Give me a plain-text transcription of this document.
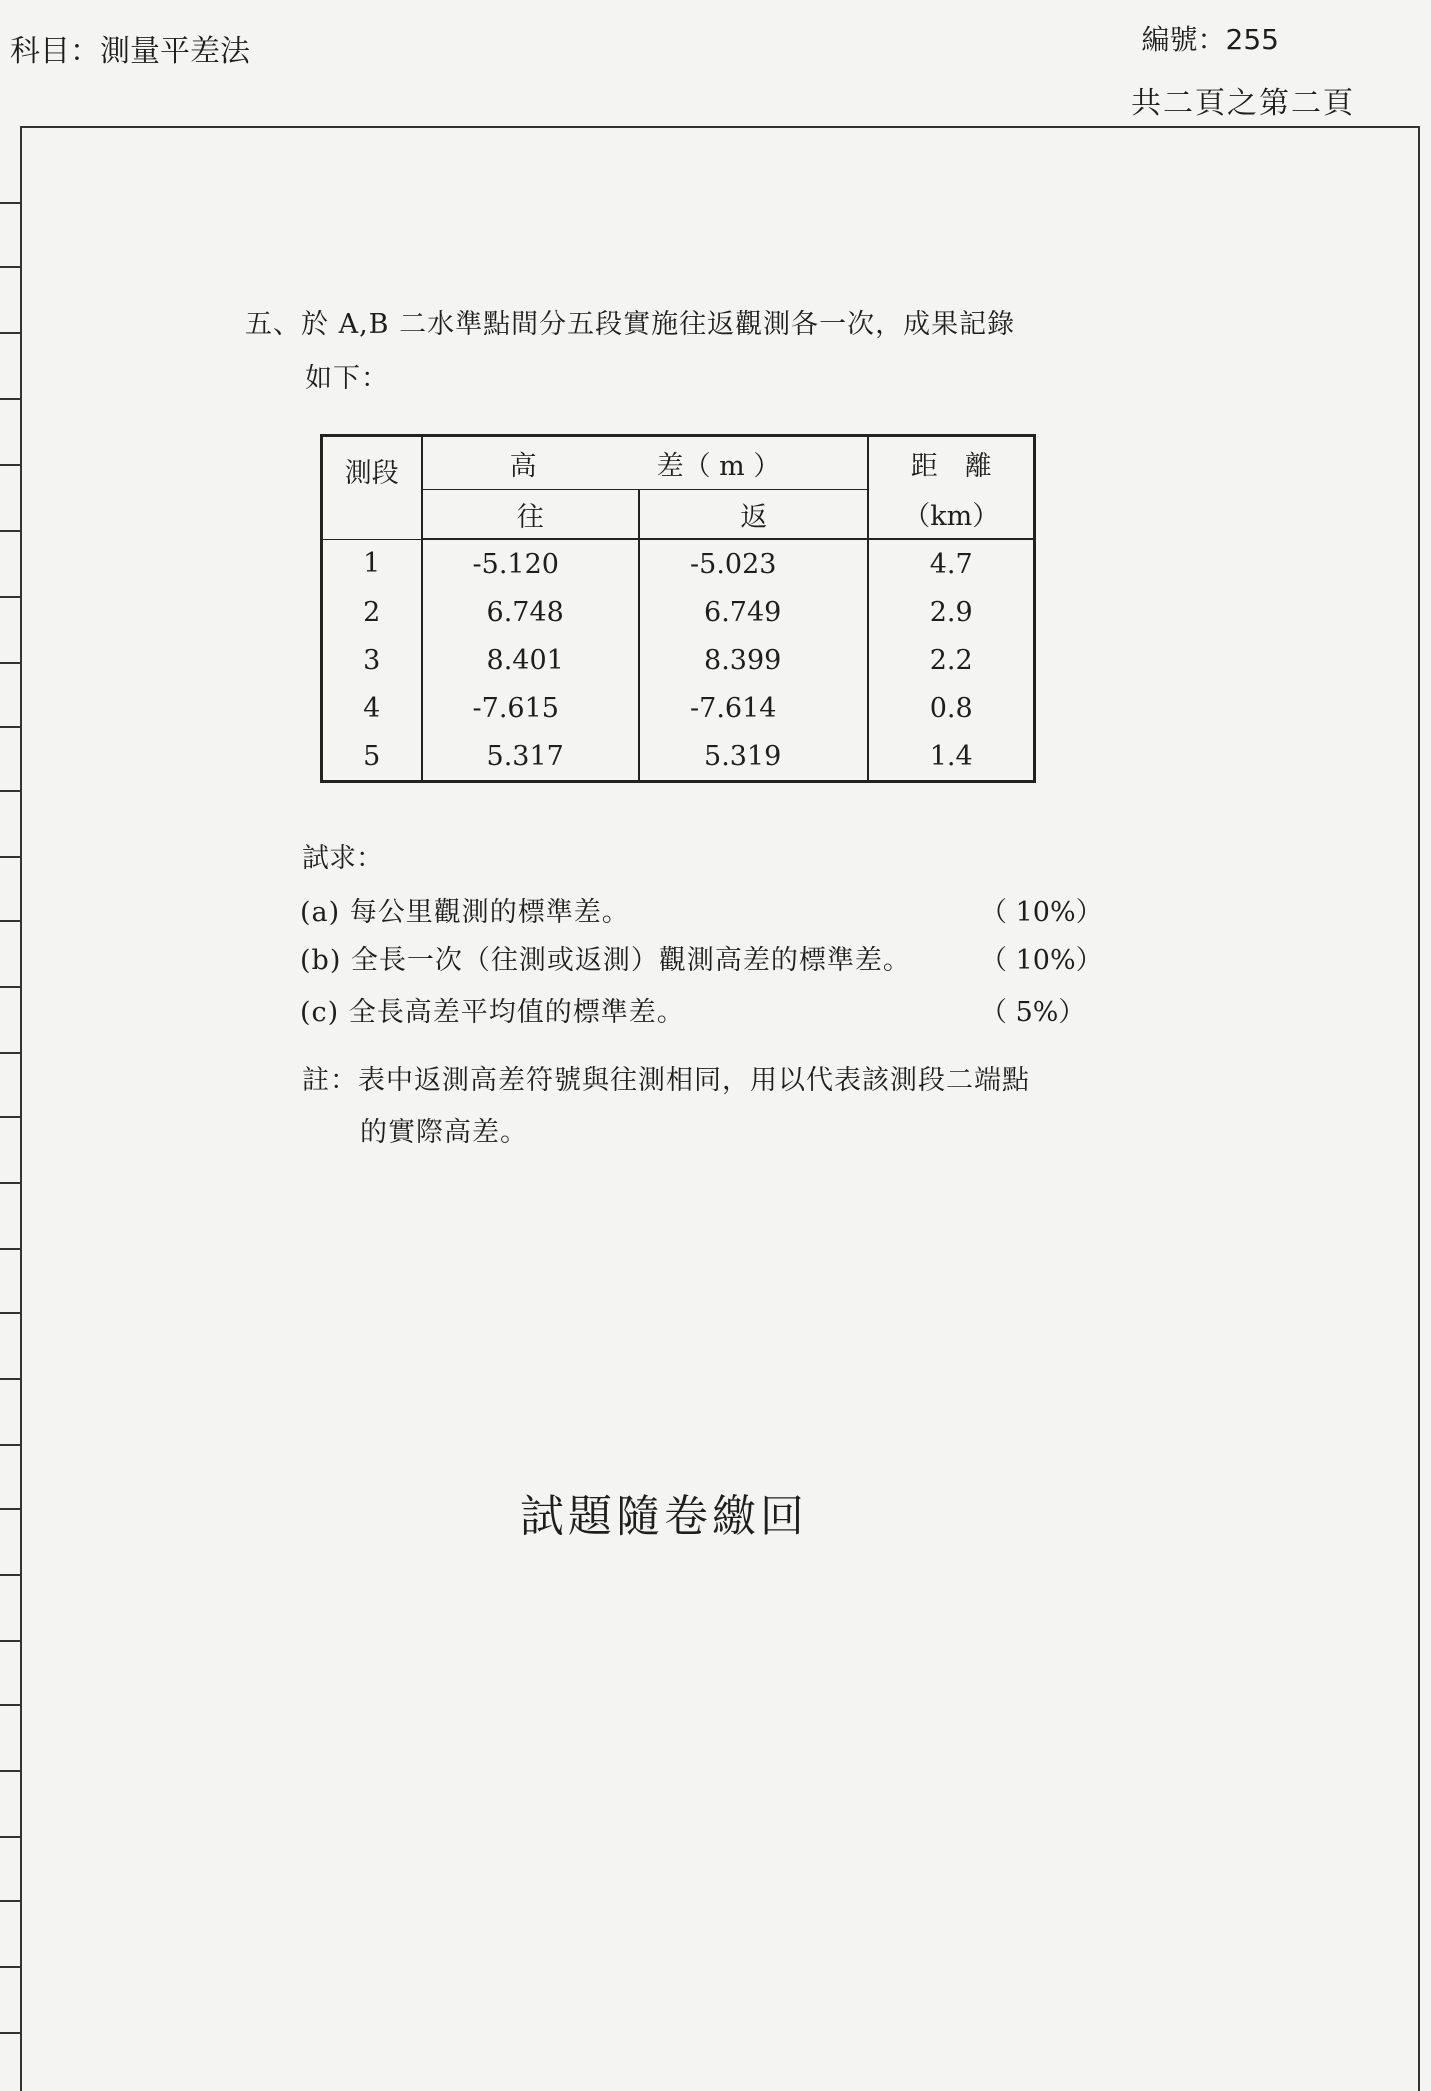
科目：測量平差法	編號：255
共二頁之第二頁
五、於 A,B 二水準點間分五段實施往返觀測各一次，成果記錄
如下：
測段	高 差（ m ）		距　離
	往	返	（km）
1	-5.120	-5.023	4.7
2	6.748	6.749	2.9
3	8.401	8.399	2.2
4	-7.615	-7.614	0.8
5	5.317	5.319	1.4
試求：
(a) 每公里觀測的標準差。	（ 10%）
(b) 全長一次（往測或返測）觀測高差的標準差。	（ 10%）
(c) 全長高差平均值的標準差。	（ 5%）
註：表中返測高差符號與往測相同，用以代表該測段二端點
的實際高差。
試題隨卷繳回
